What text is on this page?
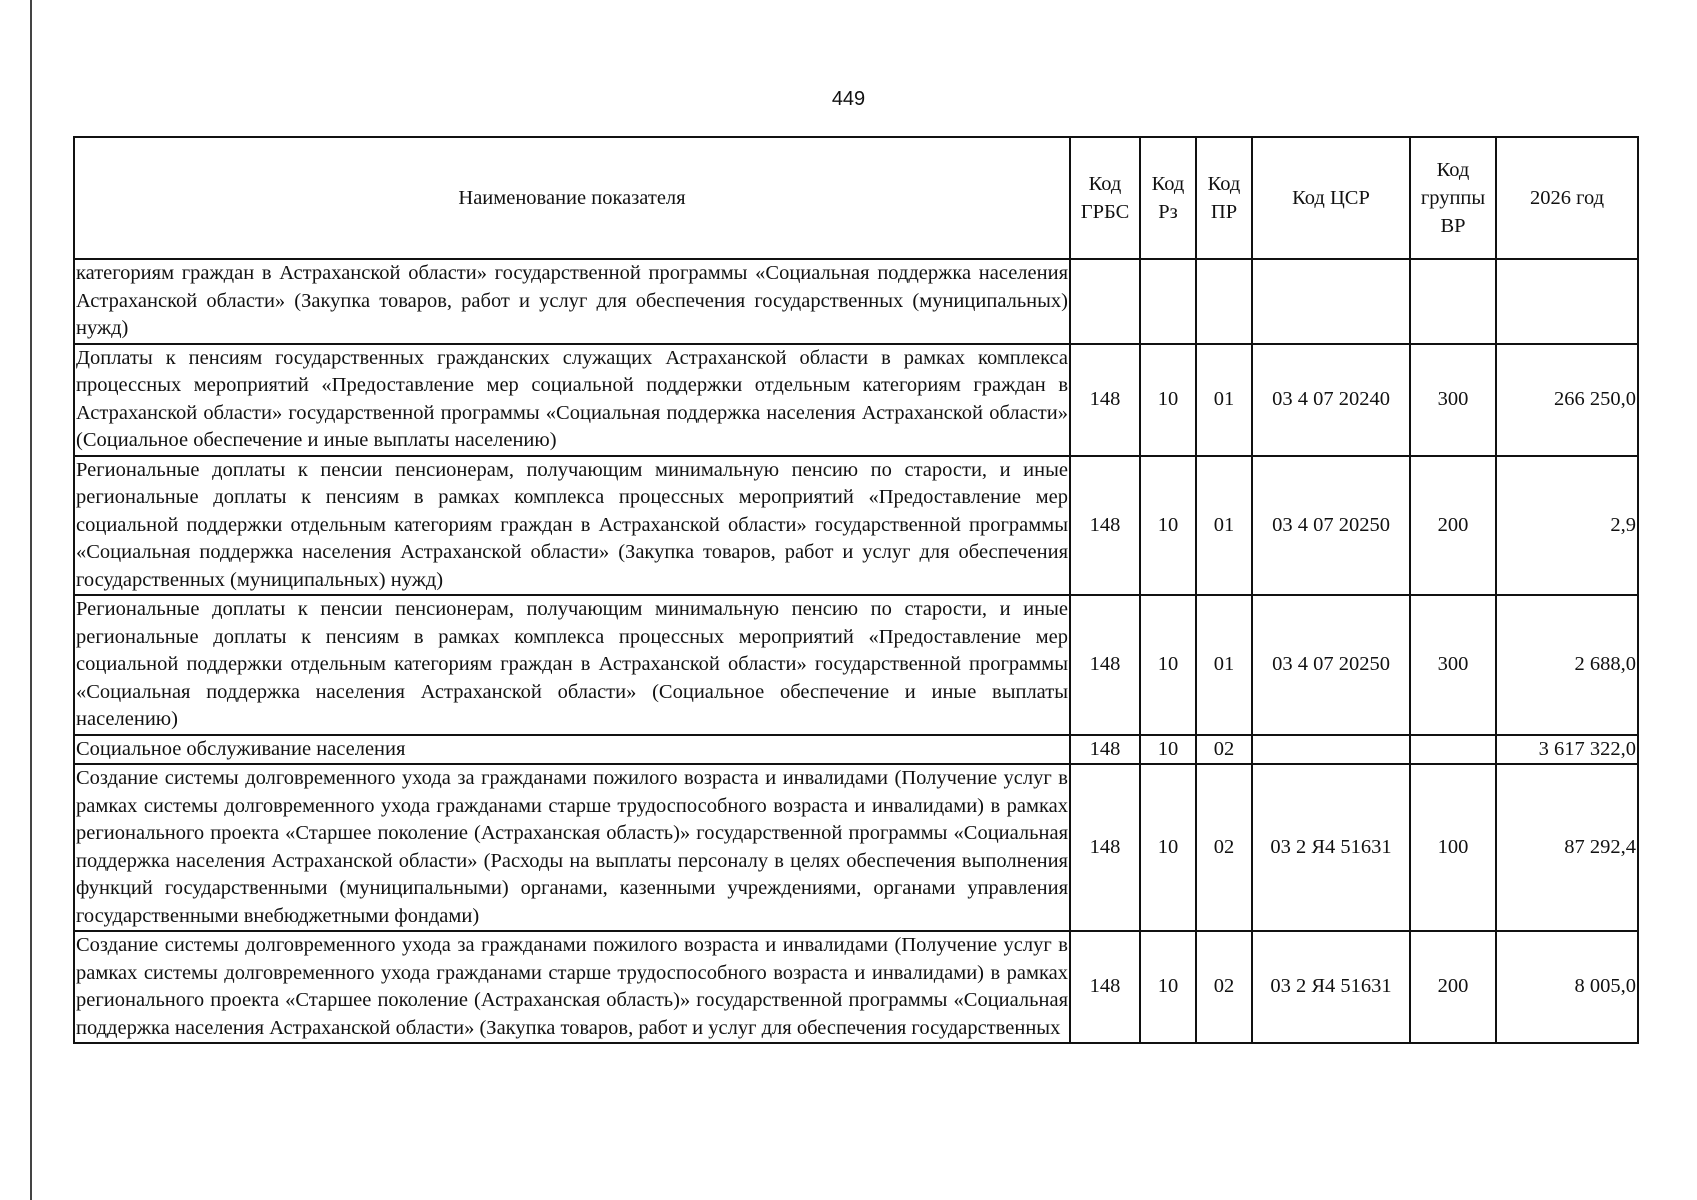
449
Наименование показателя	Код ГРБС	Код Рз	Код ПР	Код ЦСР	Код группы ВР	2026 год
категориям граждан в Астраханской области» государственной программы «Социальная поддержка населения Астраханской области» (Закупка товаров, работ и услуг для обеспечения государственных (муниципальных) нужд)						
Доплаты к пенсиям государственных гражданских служащих Астраханской области в рамках комплекса процессных мероприятий «Предоставление мер социальной поддержки отдельным категориям граждан в Астраханской области» государственной программы «Социальная поддержка населения Астраханской области» (Социальное обеспечение и иные выплаты населению)	148	10	01	03 4 07 20240	300	266 250,0
Региональные доплаты к пенсии пенсионерам, получающим минимальную пенсию по старости, и иные региональные доплаты к пенсиям в рамках комплекса процессных мероприятий «Предоставление мер социальной поддержки отдельным категориям граждан в Астраханской области» государственной программы «Социальная поддержка населения Астраханской области» (Закупка товаров, работ и услуг для обеспечения государственных (муниципальных) нужд)	148	10	01	03 4 07 20250	200	2,9
Региональные доплаты к пенсии пенсионерам, получающим минимальную пенсию по старости, и иные региональные доплаты к пенсиям в рамках комплекса процессных мероприятий «Предоставление мер социальной поддержки отдельным категориям граждан в Астраханской области» государственной программы «Социальная поддержка населения Астраханской области» (Социальное обеспечение и иные выплаты населению)	148	10	01	03 4 07 20250	300	2 688,0
Социальное обслуживание населения	148	10	02			3 617 322,0
Создание системы долговременного ухода за гражданами пожилого возраста и инвалидами (Получение услуг в рамках системы долговременного ухода гражданами старше трудоспособного возраста и инвалидами) в рамках регионального проекта «Старшее поколение (Астраханская область)» государственной программы «Социальная поддержка населения Астраханской области» (Расходы на выплаты персоналу в целях обеспечения выполнения функций государственными (муниципальными) органами, казенными учреждениями, органами управления государственными внебюджетными фондами)	148	10	02	03 2 Я4 51631	100	87 292,4
Создание системы долговременного ухода за гражданами пожилого возраста и инвалидами (Получение услуг в рамках системы долговременного ухода гражданами старше трудоспособного возраста и инвалидами) в рамках регионального проекта «Старшее поколение (Астраханская область)» государственной программы «Социальная поддержка населения Астраханской области» (Закупка товаров, работ и услуг для обеспечения государственных	148	10	02	03 2 Я4 51631	200	8 005,0
